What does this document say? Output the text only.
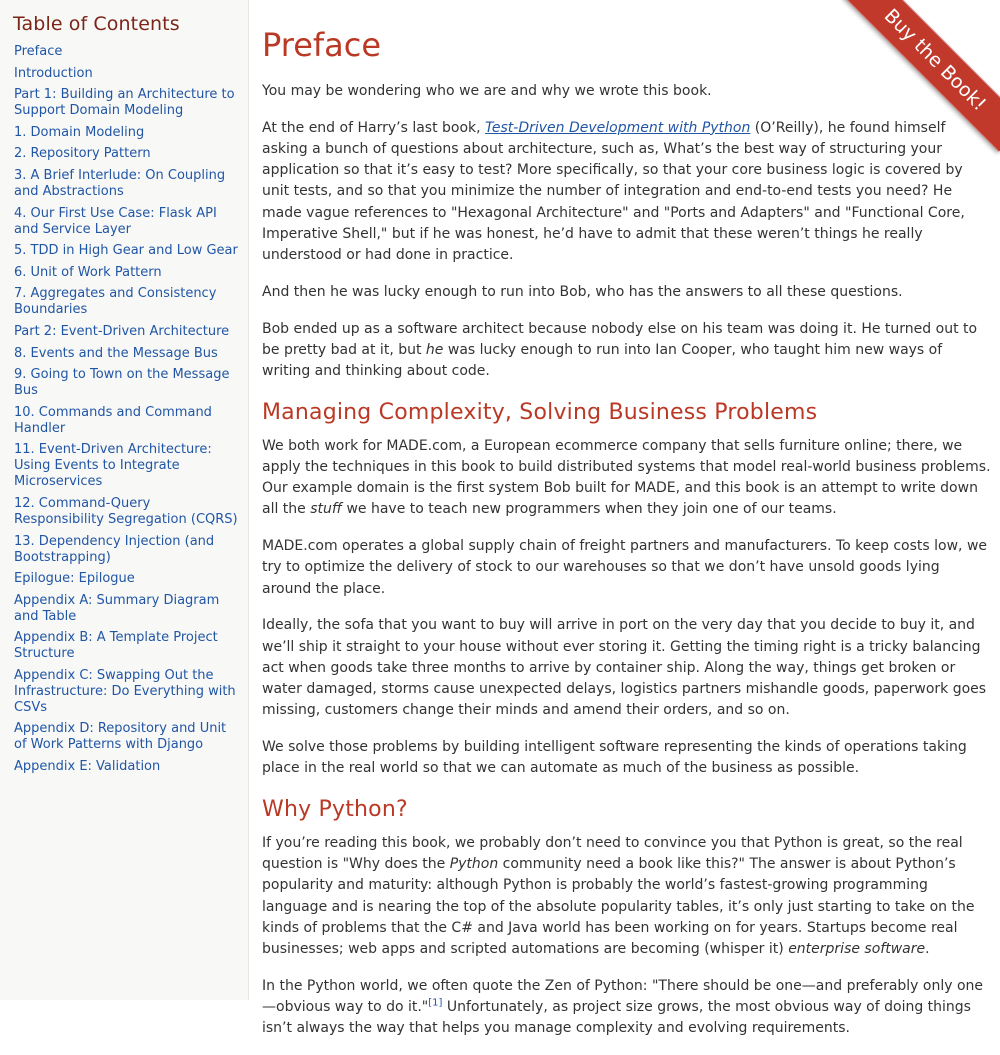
Table of Contents
Preface
Introduction
Part 1: Building an Architecture to Support Domain Modeling
1. Domain Modeling
2. Repository Pattern
3. A Brief Interlude: On Coupling and Abstractions
4. Our First Use Case: Flask API and Service Layer
5. TDD in High Gear and Low Gear
6. Unit of Work Pattern
7. Aggregates and Consistency Boundaries
Part 2: Event-Driven Architecture
8. Events and the Message Bus
9. Going to Town on the Message Bus
10. Commands and Command Handler
11. Event-Driven Architecture: Using Events to Integrate Microservices
12. Command-Query Responsibility Segregation (CQRS)
13. Dependency Injection (and Bootstrapping)
Epilogue: Epilogue
Appendix A: Summary Diagram and Table
Appendix B: A Template Project Structure
Appendix C: Swapping Out the Infrastructure: Do Everything with CSVs
Appendix D: Repository and Unit of Work Patterns with Django
Appendix E: Validation
Preface

You may be wondering who we are and why we wrote this book.

At the end of Harry’s last book, Test-Driven Development with Python (O’Reilly), he found himself asking a bunch of questions about architecture, such as, What’s the best way of structuring your application so that it’s easy to test? More specifically, so that your core business logic is covered by unit tests, and so that you minimize the number of integration and end-to-end tests you need? He made vague references to "Hexagonal Architecture" and "Ports and Adapters" and "Functional Core, Imperative Shell," but if he was honest, he’d have to admit that these weren’t things he really understood or had done in practice.

And then he was lucky enough to run into Bob, who has the answers to all these questions.

Bob ended up as a software architect because nobody else on his team was doing it. He turned out to be pretty bad at it, but he was lucky enough to run into Ian Cooper, who taught him new ways of writing and thinking about code.

Managing Complexity, Solving Business Problems

We both work for MADE.com, a European ecommerce company that sells furniture online; there, we apply the techniques in this book to build distributed systems that model real-world business problems. Our example domain is the first system Bob built for MADE, and this book is an attempt to write down all the stuff we have to teach new programmers when they join one of our teams.

MADE.com operates a global supply chain of freight partners and manufacturers. To keep costs low, we try to optimize the delivery of stock to our warehouses so that we don’t have unsold goods lying around the place.

Ideally, the sofa that you want to buy will arrive in port on the very day that you decide to buy it, and we’ll ship it straight to your house without ever storing it. Getting the timing right is a tricky balancing act when goods take three months to arrive by container ship. Along the way, things get broken or water damaged, storms cause unexpected delays, logistics partners mishandle goods, paperwork goes missing, customers change their minds and amend their orders, and so on.

We solve those problems by building intelligent software representing the kinds of operations taking place in the real world so that we can automate as much of the business as possible.

Why Python?

If you’re reading this book, we probably don’t need to convince you that Python is great, so the real question is "Why does the Python community need a book like this?" The answer is about Python’s popularity and maturity: although Python is probably the world’s fastest-growing programming language and is nearing the top of the absolute popularity tables, it’s only just starting to take on the kinds of problems that the C# and Java world has been working on for years. Startups become real businesses; web apps and scripted automations are becoming (whisper it) enterprise software.

In the Python world, we often quote the Zen of Python: "There should be one—and preferably only one—obvious way to do it."[1] Unfortunately, as project size grows, the most obvious way of doing things isn’t always the way that helps you manage complexity and evolving requirements.

Buy the Book!
